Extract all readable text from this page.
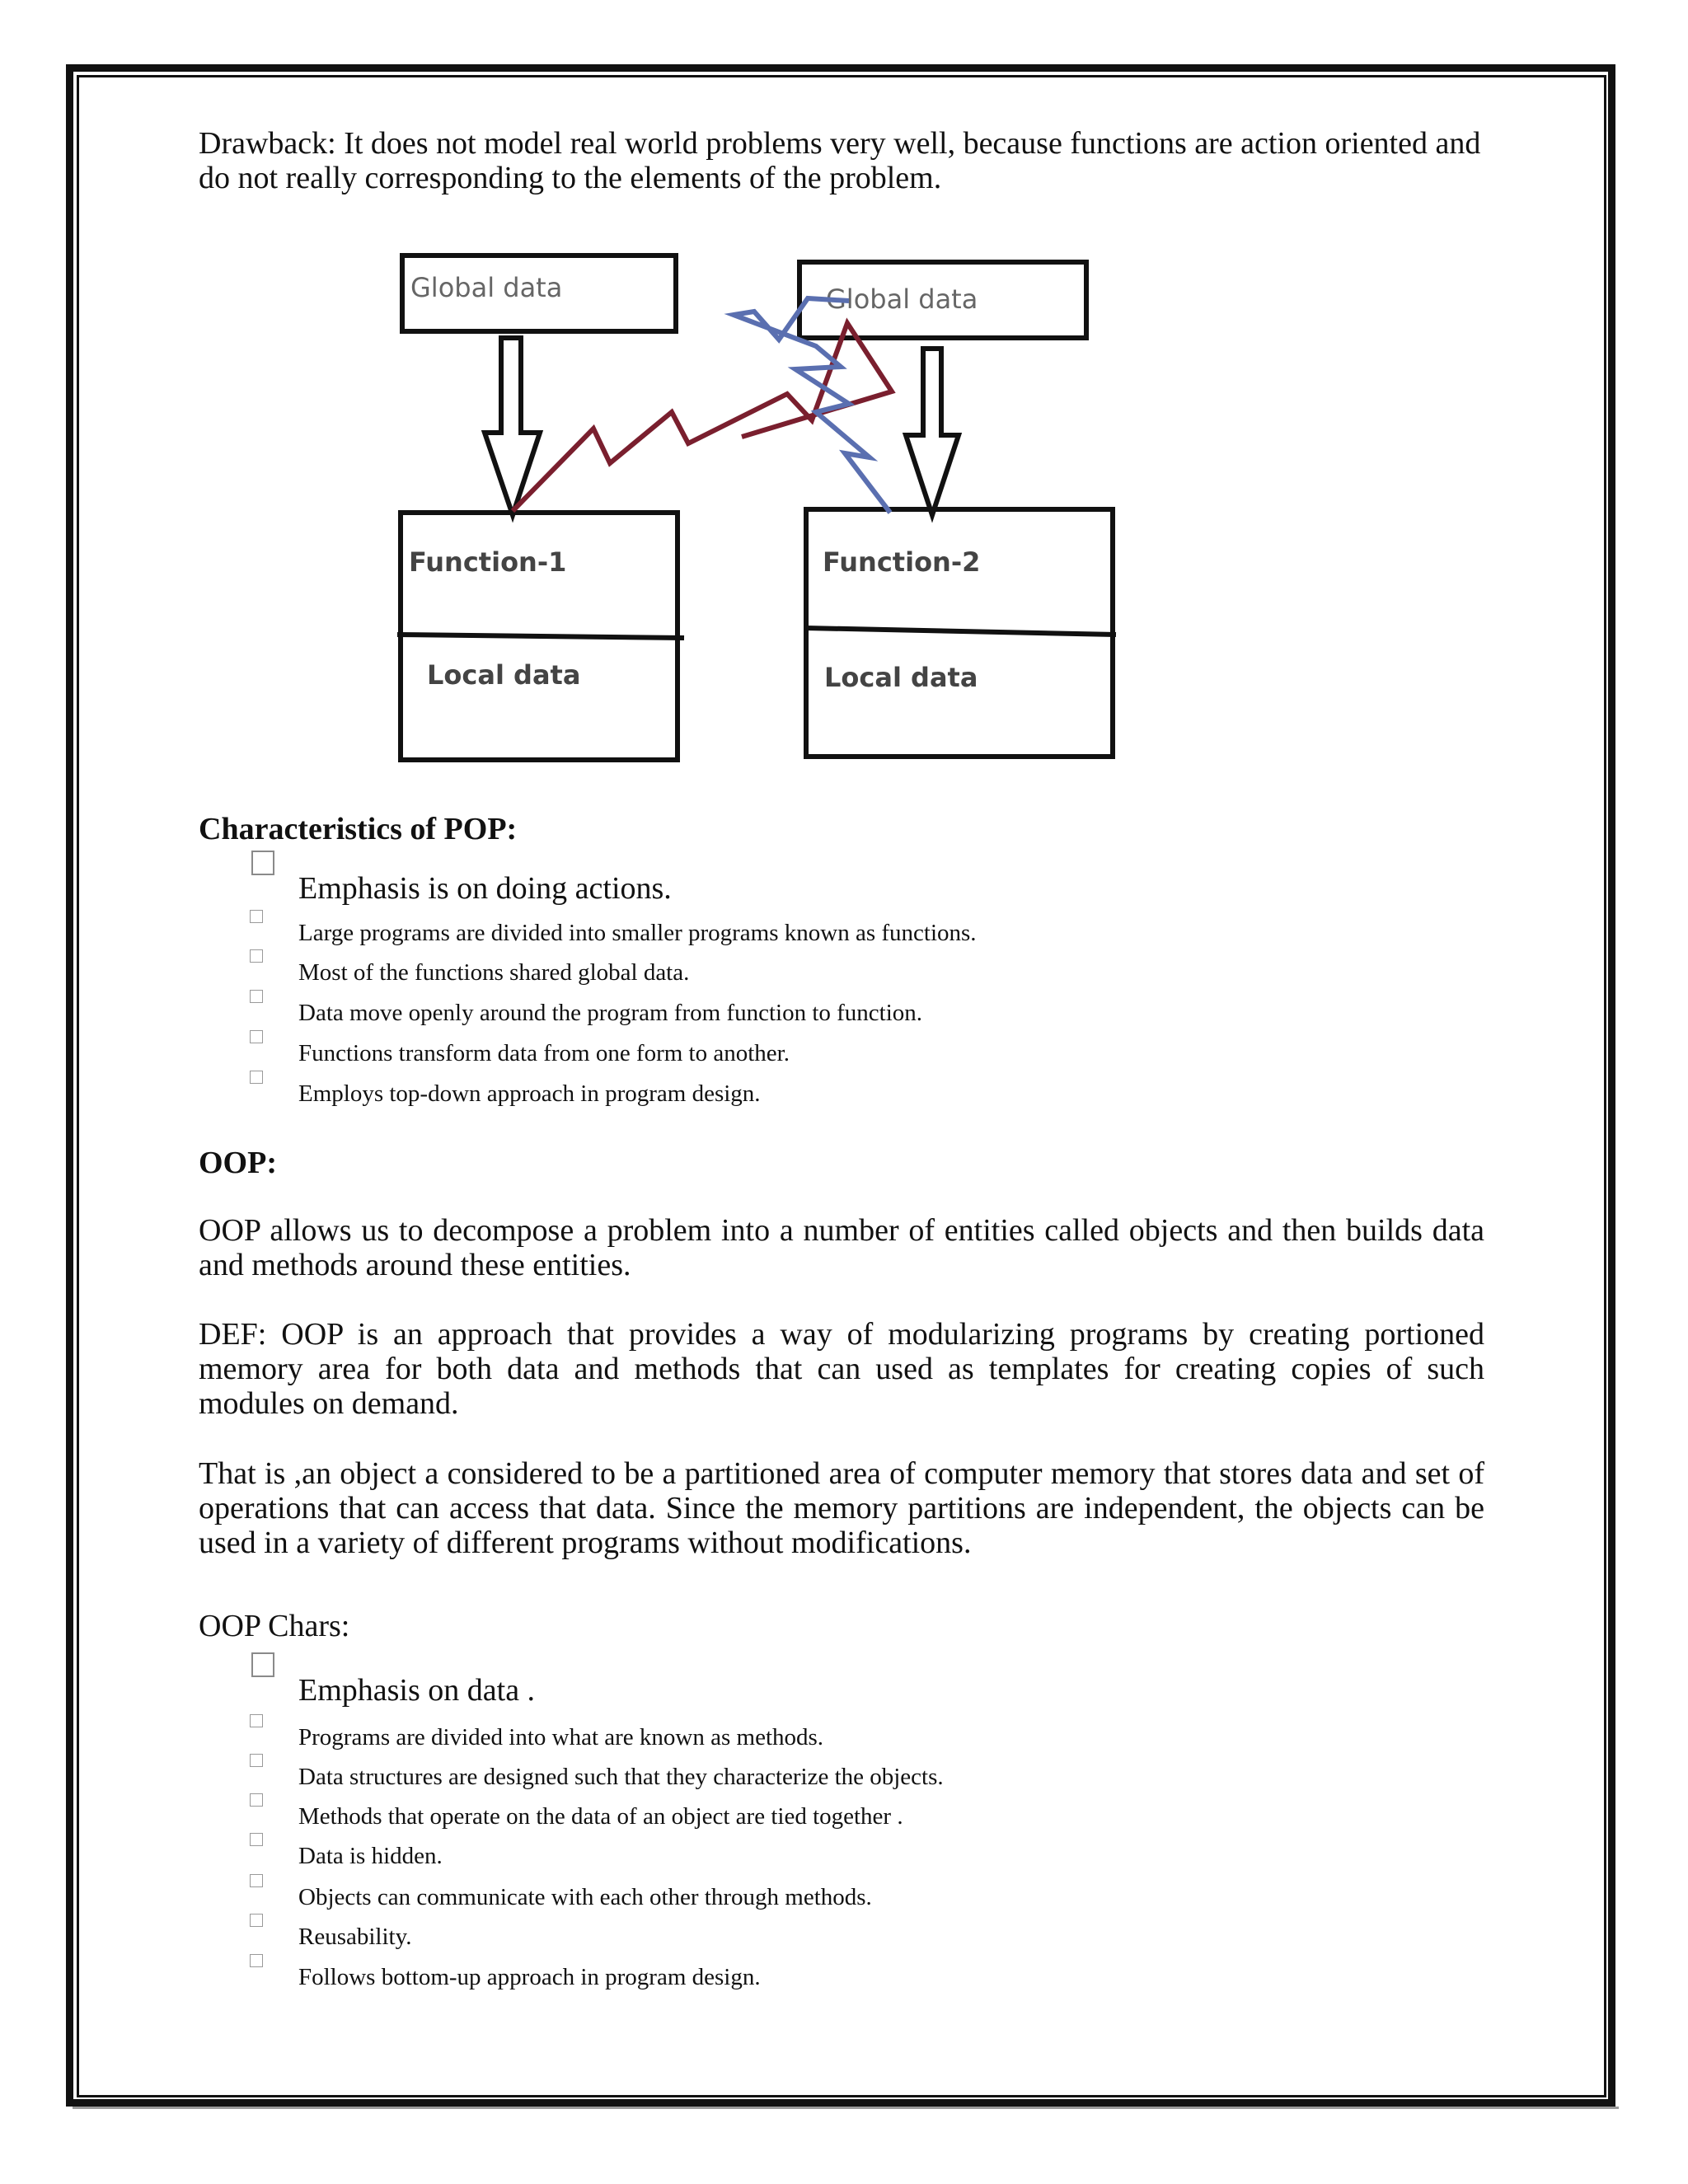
Drawback: It does not model real world problems very well, because functions are action oriented and do not really corresponding to the elements of the problem.
Global data	Global data
Function-1
Local data
Function-2
Local data
Characteristics of POP:
Emphasis is on doing actions.
Large programs are divided into smaller programs known as functions.
Most of the functions shared global data.
Data move openly around the program from function to function.
Functions transform data from one form to another.
Employs top-down approach in program design.
OOP:
OOP allows us to decompose a problem into a number of entities called objects and then builds data and methods around these entities.
DEF: OOP is an approach that provides a way of modularizing programs by creating portioned memory area for both data and methods that can used as templates for creating copies of such modules on demand.
That is ,an object a considered to be a partitioned area of computer memory that stores data and set of operations that can access that data. Since the memory partitions are independent, the objects can be used in a variety of different programs without modifications.
OOP Chars:
Emphasis on data .
Programs are divided into what are known as methods.
Data structures are designed such that they characterize the objects.
Methods that operate on the data of an object are tied together .
Data is hidden.
Objects can communicate with each other through methods.
Reusability.
Follows bottom-up approach in program design.
